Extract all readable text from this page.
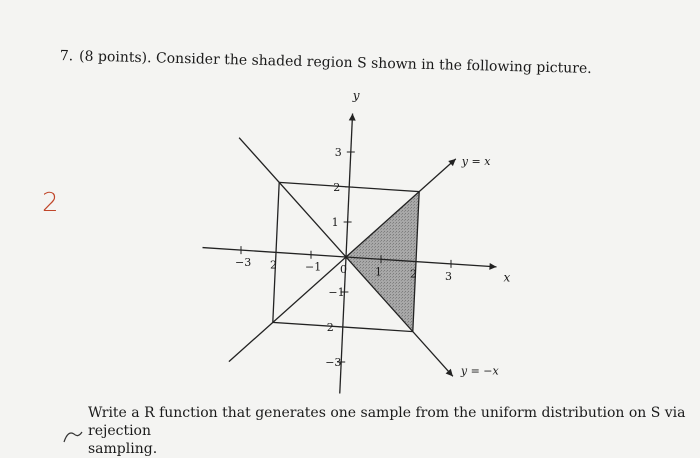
7. (8 points). Consider the shaded region S shown in the following picture.
2
−3 2	−1 0	1	2	3
3
2
1
−1
2
−3
y
x
y = x
y = −x
Write a R function that generates one sample from the uniform distribution on S via rejection
sampling.
